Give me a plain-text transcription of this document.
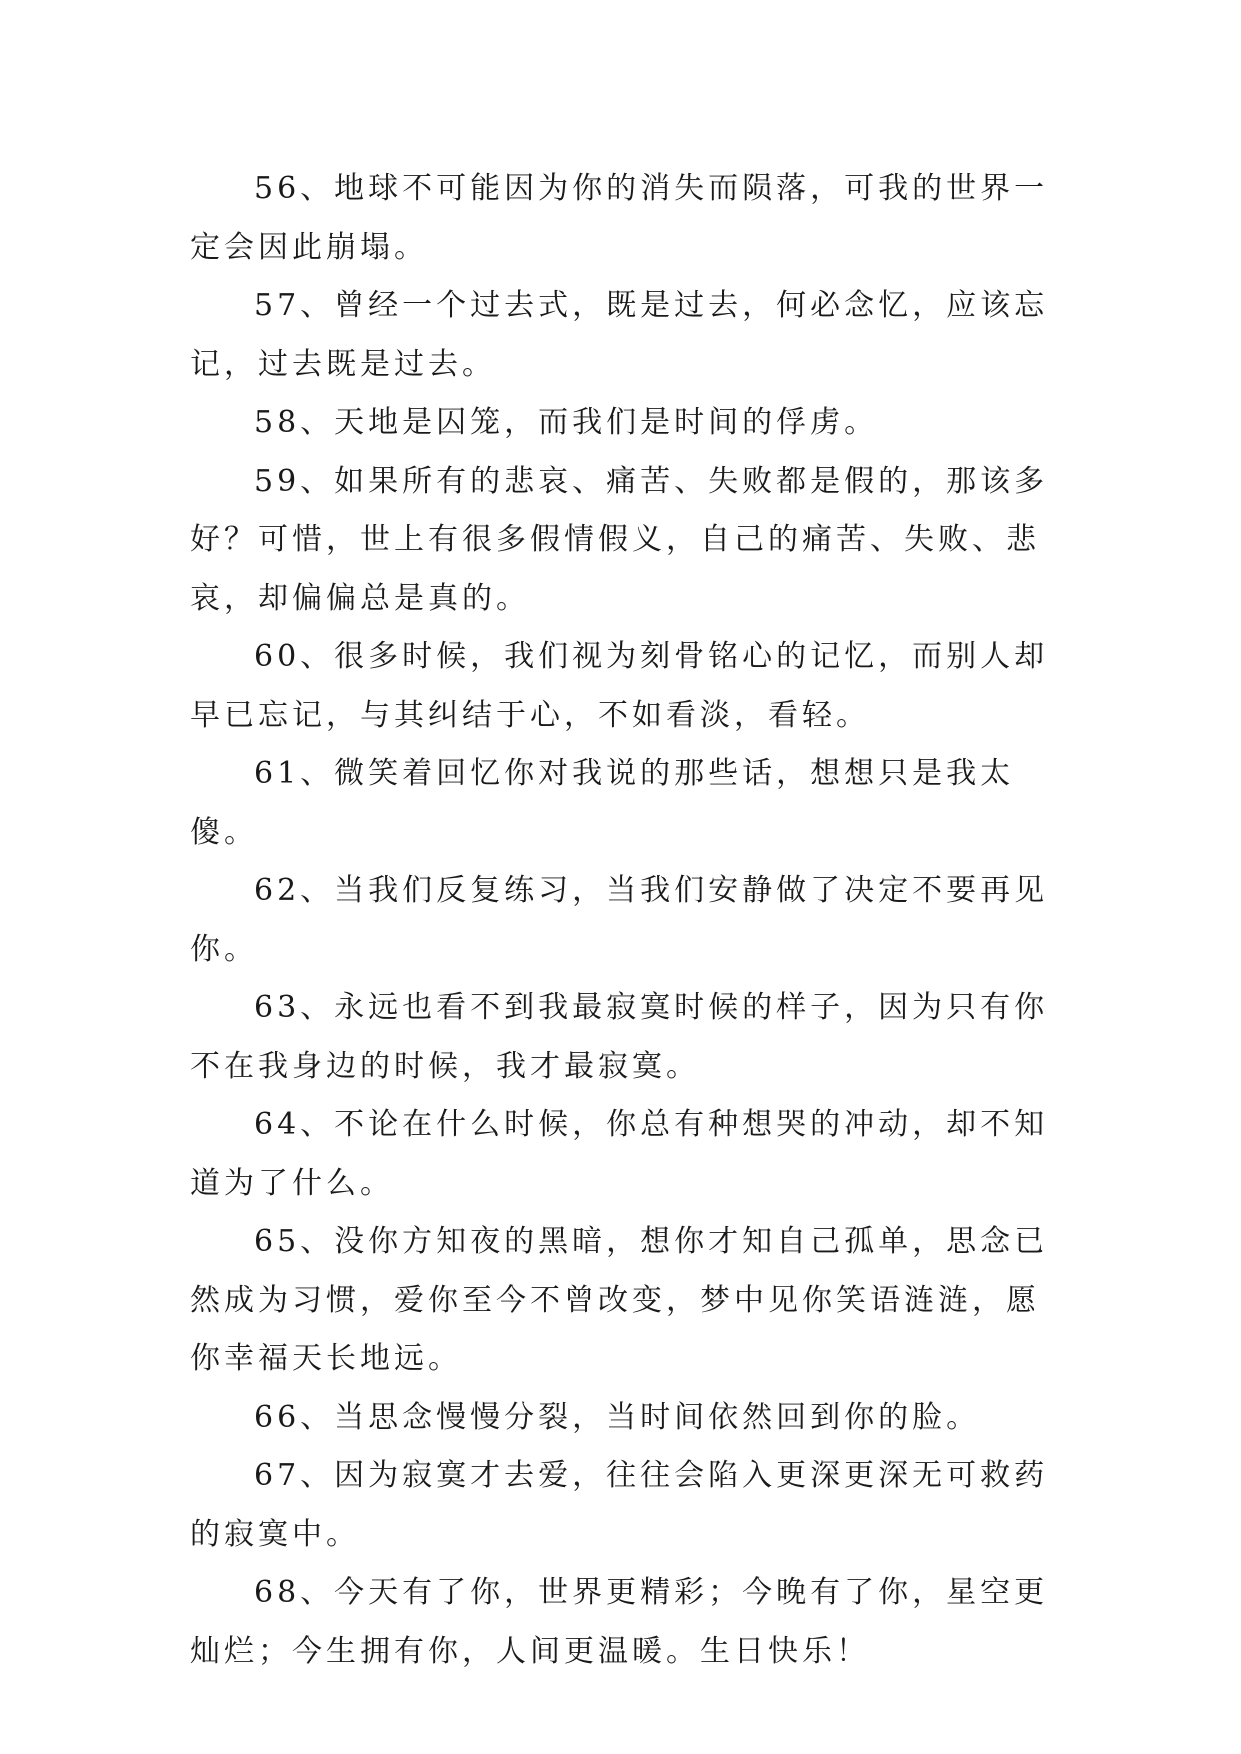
56、地球不可能因为你的消失而陨落，可我的世界一定会因此崩塌。

57、曾经一个过去式，既是过去，何必念忆，应该忘记，过去既是过去。

58、天地是囚笼，而我们是时间的俘虏。

59、如果所有的悲哀、痛苦、失败都是假的，那该多好？可惜，世上有很多假情假义，自己的痛苦、失败、悲哀，却偏偏总是真的。

60、很多时候，我们视为刻骨铭心的记忆，而别人却早已忘记，与其纠结于心，不如看淡，看轻。

61、微笑着回忆你对我说的那些话，想想只是我太傻。

62、当我们反复练习，当我们安静做了决定不要再见你。

63、永远也看不到我最寂寞时候的样子，因为只有你不在我身边的时候，我才最寂寞。

64、不论在什么时候，你总有种想哭的冲动，却不知道为了什么。

65、没你方知夜的黑暗，想你才知自己孤单，思念已然成为习惯，爱你至今不曾改变，梦中见你笑语涟涟，愿你幸福天长地远。

66、当思念慢慢分裂，当时间依然回到你的脸。

67、因为寂寞才去爱，往往会陷入更深更深无可救药的寂寞中。

68、今天有了你，世界更精彩；今晚有了你，星空更灿烂；今生拥有你，人间更温暖。生日快乐！
